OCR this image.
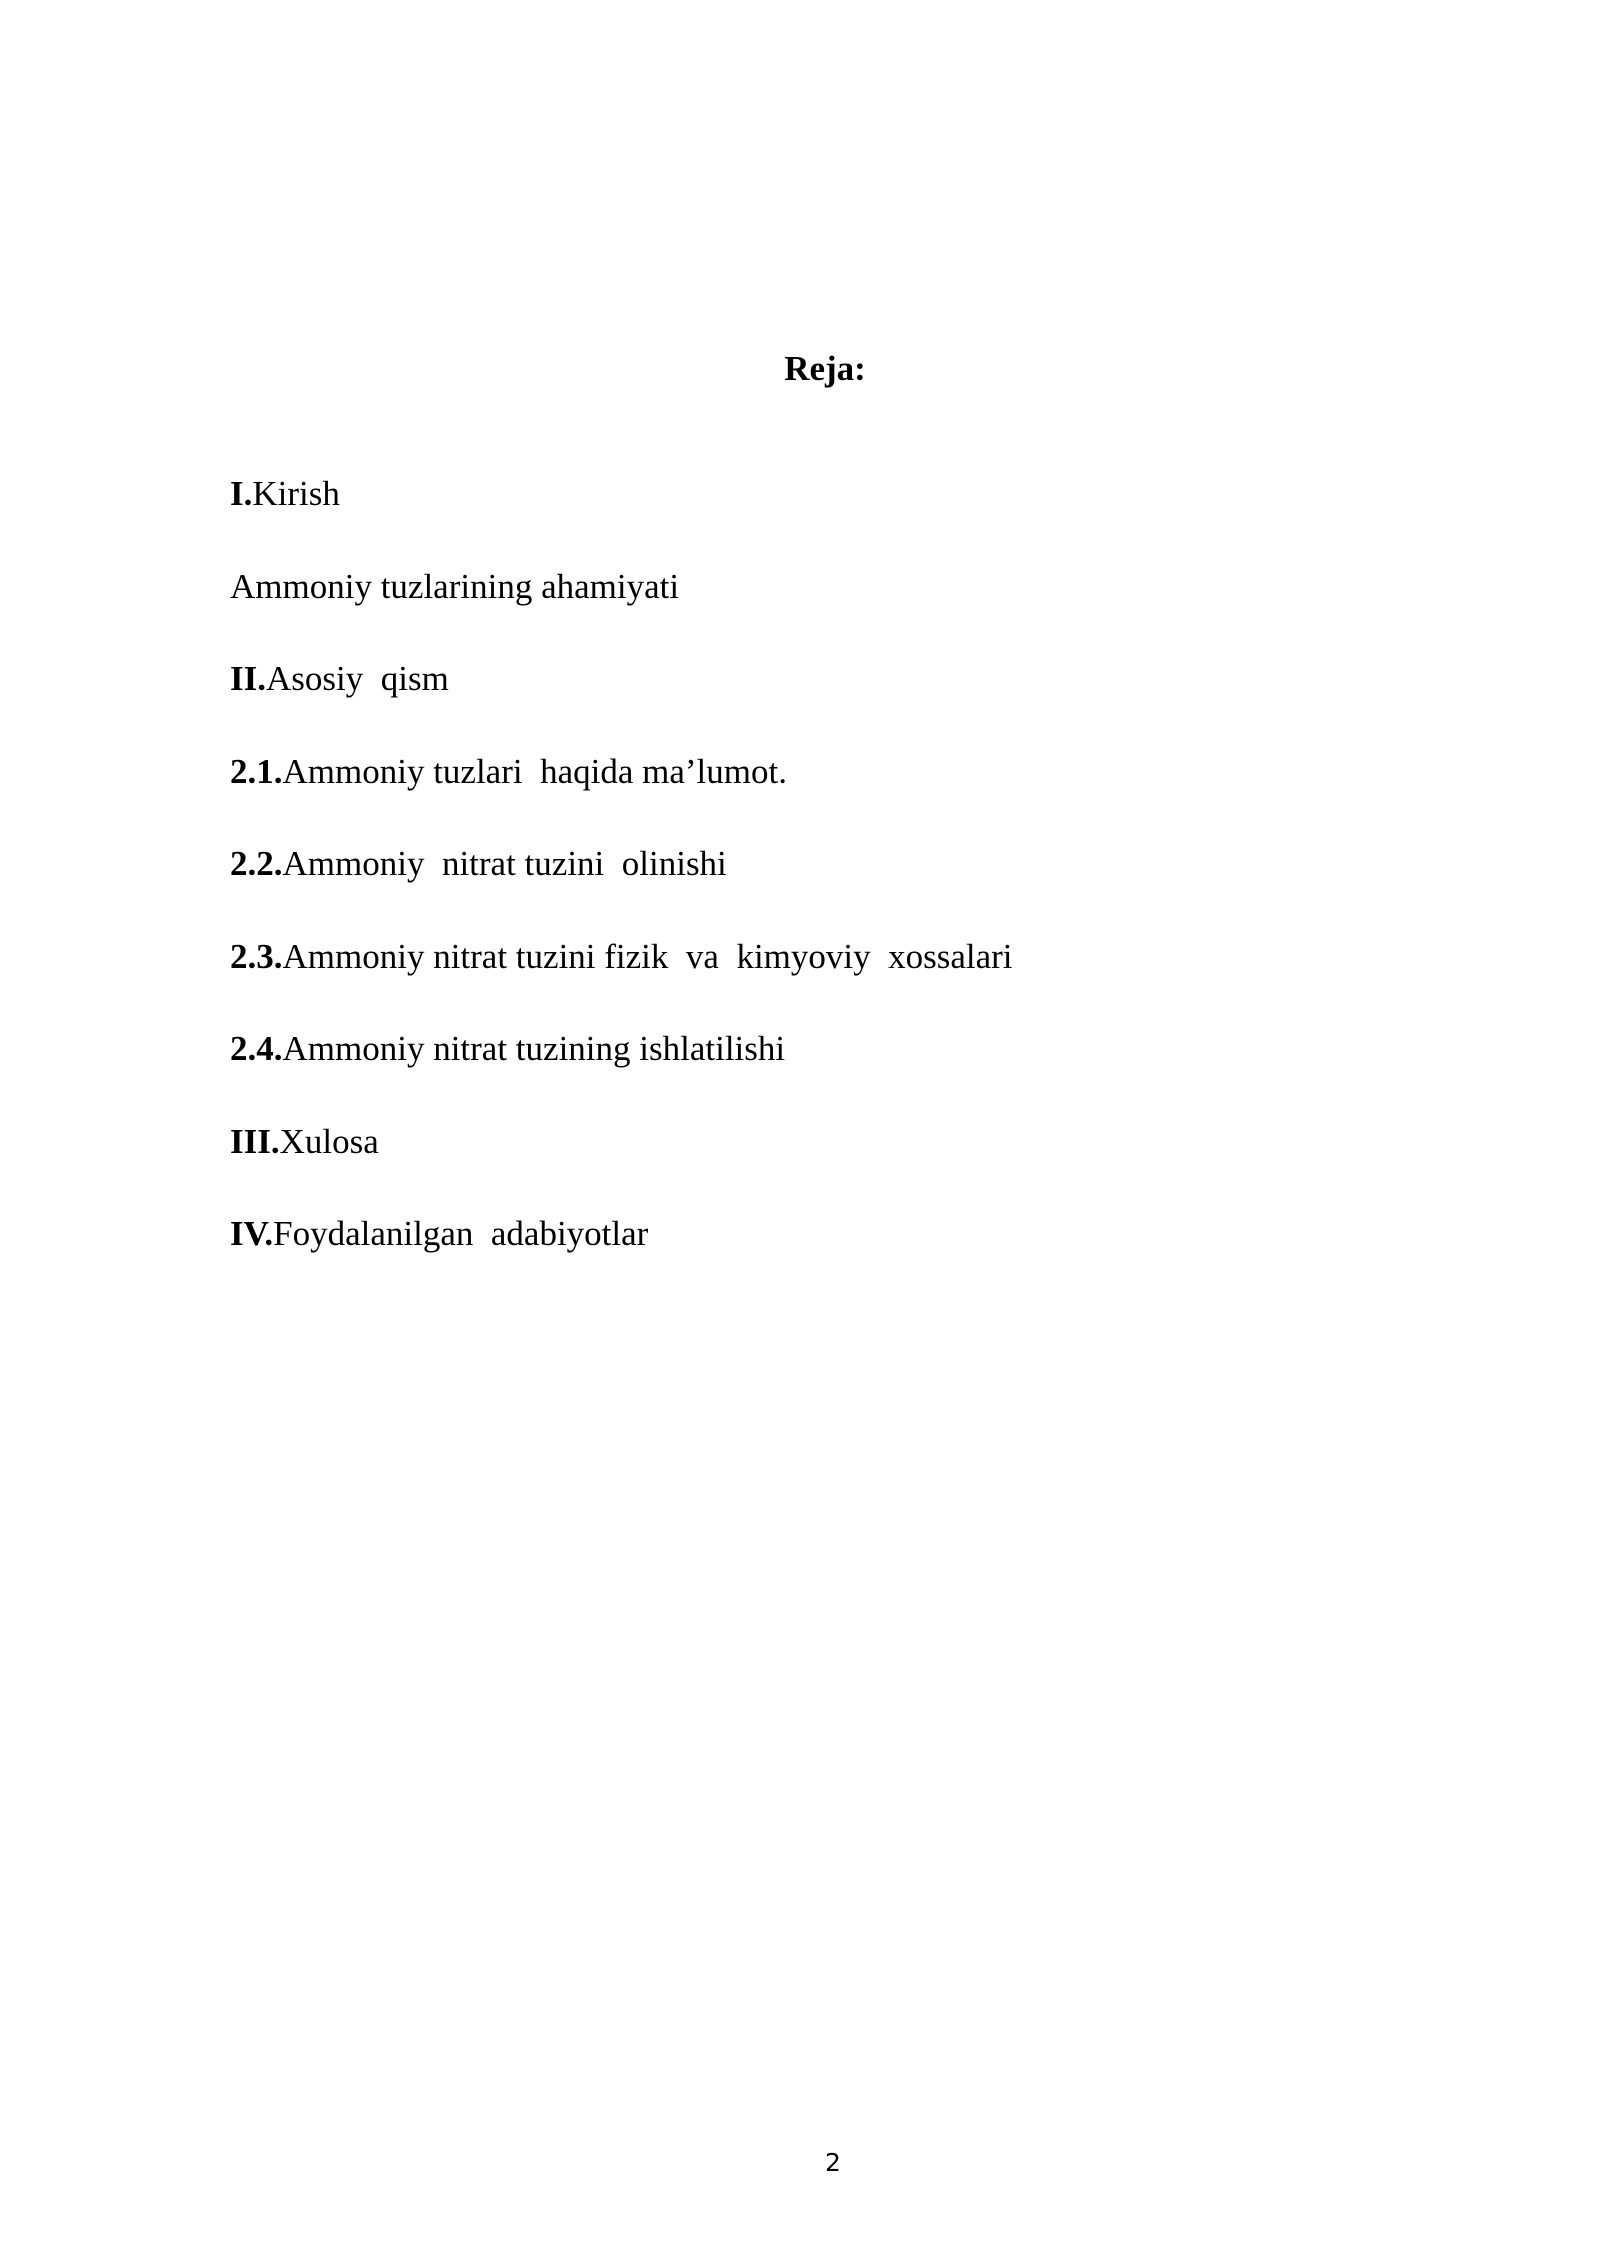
Reja:
I.Kirish
Ammoniy tuzlarining ahamiyati
II.Asosiy  qism
2.1.Ammoniy tuzlari  haqida ma’lumot.
2.2.Ammoniy  nitrat tuzini  olinishi
2.3.Ammoniy nitrat tuzini fizik  va  kimyoviy  xossalari
2.4.Ammoniy nitrat tuzining ishlatilishi
III.Xulosa
IV.Foydalanilgan  adabiyotlar
2
